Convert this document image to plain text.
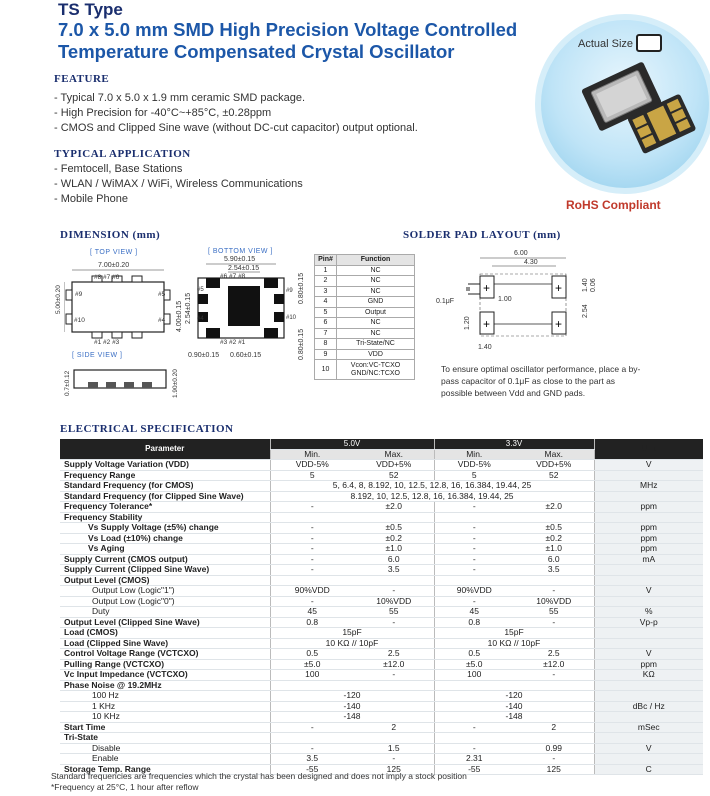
TS Type
7.0 x 5.0 mm SMD High Precision Voltage Controlled
Temperature Compensated Crystal Oscillator	Actual Size
RoHS Compliant
FEATURE
- Typical 7.0 x 5.0 x 1.9 mm ceramic SMD package.
- High Precision for -40°C~+85°C, ±0.28ppm
- CMOS and Clipped Sine wave (without DC-cut capacitor) output optional.
TYPICAL APPLICATION
- Femtocell, Base Stations
- WLAN / WiMAX / WiFi, Wireless Communications
- Mobile Phone
DIMENSION (mm)
[ TOP VIEW ]	[ BOTTOM VIEW ]
[ SIDE VIEW ]
7.00±0.20
#8 #7 #6
#1 #2 #3
#9
#10
#5
#4
5.00±0.20
5.90±0.15
2.54±0.15
#6 #7 #8
#3 #2 #1
#5
#4
#9
#10
4.00±0.15 2.54±0.15
0.80±0.15
0.90±0.15 0.60±0.15	0.80±0.15
0.7±0.12	1.90±0.20
Pin#	Function
1	NC
2	NC
3	NC
4	GND
5	Output
6	NC
7	NC
8	Tri-State/NC
9	VDD
10	Vcon:VC-TCXO
GND/NC:TCXO
SOLDER PAD LAYOUT (mm)
+
+
+
+
6.00
4.30
1.00
0.1μF
1.40 0.06
2.54
1.20
1.40
To ensure optimal oscillator performance, place a by-pass capacitor of 0.1μF as close to the part as possible between Vdd and GND pads.
ELECTRICAL SPECIFICATION
Parameter	5.0V		3.3V		Unit
	Min.	Max.	Min.	Max.	
Supply Voltage Variation (VDD)	VDD-5%	VDD+5%	VDD-5%	VDD+5%	V
Frequency Range	5	52	5	52	
Standard Frequency (for CMOS)	5, 6.4, 8, 8.192, 10, 12.5, 12.8, 16, 16.384, 19.44, 25				MHz
Standard Frequency (for Clipped Sine Wave)	8.192, 10, 12.5, 12.8, 16, 16.384, 19.44, 25				
Frequency Tolerance*	-	±2.0	-	±2.0	ppm
Frequency Stability					
Vs Supply Voltage (±5%) change	-	±0.5	-	±0.5	ppm
Vs Load (±10%) change	-	±0.2	-	±0.2	ppm
Vs Aging	-	±1.0	-	±1.0	ppm
Supply Current (CMOS output)	-	6.0	-	6.0	mA
Supply Current (Clipped Sine Wave)	-	3.5	-	3.5	
Output Level (CMOS)					
Output Low (Logic"1")	90%VDD	-	90%VDD	-	V
Output Low (Logic"0")	-	10%VDD	-	10%VDD	
Duty	45	55	45	55	%
Output Level (Clipped Sine Wave)	0.8	-	0.8	-	Vp-p
Load (CMOS)	15pF		15pF		
Load (Clipped Sine Wave)	10 KΩ // 10pF		10 KΩ // 10pF		
Control Voltage Range (VCTCXO)	0.5	2.5	0.5	2.5	V
Pulling Range (VCTCXO)	±5.0	±12.0	±5.0	±12.0	ppm
Vc Input Impedance (VCTCXO)	100	-	100	-	KΩ
Phase Noise @ 19.2MHz					
100 Hz	-120		-120		
1 KHz	-140		-140		dBc / Hz
10 KHz	-148		-148		
Start Time	-	2	-	2	mSec
Tri-State					
Disable	-	1.5	-	0.99	V
Enable	3.5	-	2.31	-	
Storage Temp. Range	-55	125	-55	125	C
Standard frequencies are frequencies which the crystal has been designed and does not imply a stock position
*Frequency at 25°C, 1 hour after reflow
